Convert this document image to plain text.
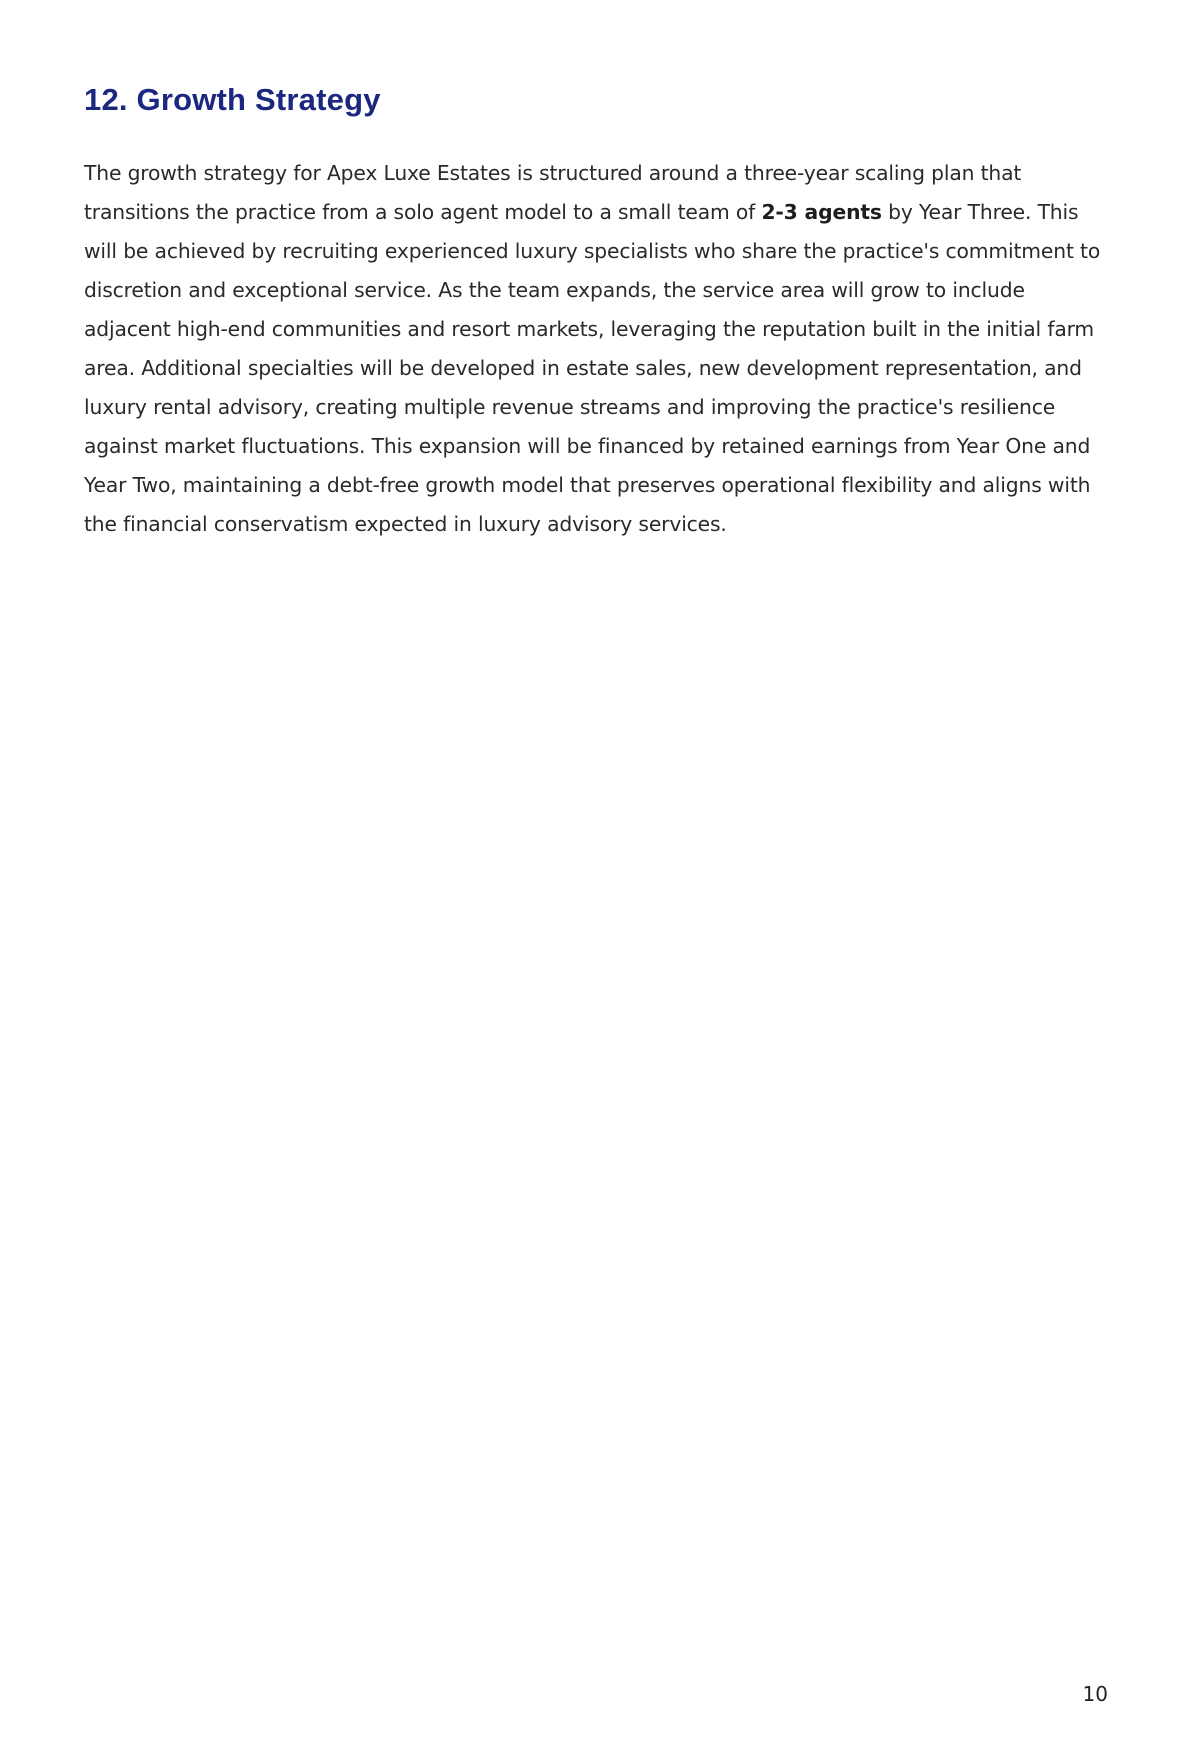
12. Growth Strategy

The growth strategy for Apex Luxe Estates is structured around a three-year scaling plan that
transitions the practice from a solo agent model to a small team of 2-3 agents by Year Three. This
will be achieved by recruiting experienced luxury specialists who share the practice's commitment to
discretion and exceptional service. As the team expands, the service area will grow to include
adjacent high-end communities and resort markets, leveraging the reputation built in the initial farm
area. Additional specialties will be developed in estate sales, new development representation, and
luxury rental advisory, creating multiple revenue streams and improving the practice's resilience
against market fluctuations. This expansion will be financed by retained earnings from Year One and
Year Two, maintaining a debt-free growth model that preserves operational flexibility and aligns with
the financial conservatism expected in luxury advisory services.

10
